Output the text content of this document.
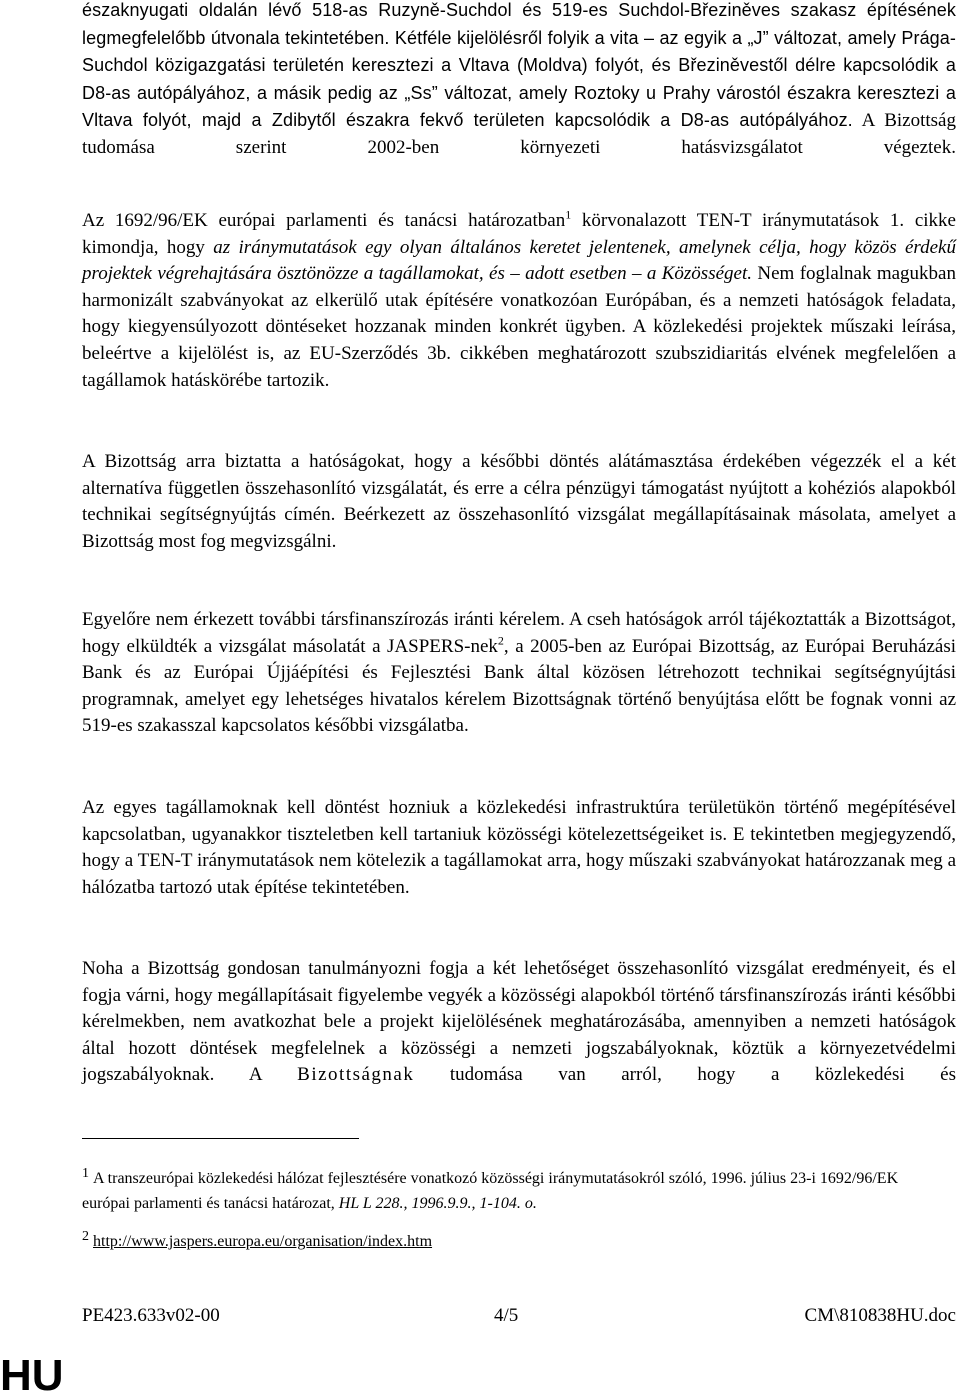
északnyugati oldalán lévő 518-as Ruzyně-Suchdol és 519-es Suchdol-Březiněves szakasz építésének legmegfelelőbb útvonala tekintetében. Kétféle kijelölésről folyik a vita – az egyik a „J” változat, amely Prága-Suchdol közigazgatási területén keresztezi a Vltava (Moldva) folyót, és Březiněvestől délre kapcsolódik a D8-as autópályához, a másik pedig az „Ss” változat, amely Roztoky u Prahy várostól északra keresztezi a Vltava folyót, majd a Zdibytől északra fekvő területen kapcsolódik a D8-as autópályához. A Bizottság tudomása szerint 2002-ben környezeti hatásvizsgálatot végeztek.

Az 1692/96/EK európai parlamenti és tanácsi határozatban$^1$ körvonalazott TEN-T iránymutatások 1. cikke kimondja, hogy az iránymutatások egy olyan általános keretet jelentenek, amelynek célja, hogy közös érdekű projektek végrehajtására ösztönözze a tagállamokat, és – adott esetben – a Közösséget. Nem foglalnak magukban harmonizált szabványokat az elkerülő utak építésére vonatkozóan Európában, és a nemzeti hatóságok feladata, hogy kiegyensúlyozott döntéseket hozzanak minden konkrét ügyben. A közlekedési projektek műszaki leírása, beleértve a kijelölést is, az EU-Szerződés 3b. cikkében meghatározott szubszidiaritás elvének megfelelően a tagállamok hatáskörébe tartozik.

A Bizottság arra biztatta a hatóságokat, hogy a későbbi döntés alátámasztása érdekében végezzék el a két alternatíva független összehasonlító vizsgálatát, és erre a célra pénzügyi támogatást nyújtott a kohéziós alapokból technikai segítségnyújtás címén. Beérkezett az összehasonlító vizsgálat megállapításainak másolata, amelyet a Bizottság most fog megvizsgálni.

Egyelőre nem érkezett további társfinanszírozás iránti kérelem. A cseh hatóságok arról tájékoztatták a Bizottságot, hogy elküldték a vizsgálat másolatát a JASPERS-nek$^2$, a 2005-ben az Európai Bizottság, az Európai Beruházási Bank és az Európai Újjáépítési és Fejlesztési Bank által közösen létrehozott technikai segítségnyújtási programnak, amelyet egy lehetséges hivatalos kérelem Bizottságnak történő benyújtása előtt be fognak vonni az 519-es szakasszal kapcsolatos későbbi vizsgálatba.

Az egyes tagállamoknak kell döntést hozniuk a közlekedési infrastruktúra területükön történő megépítésével kapcsolatban, ugyanakkor tiszteletben kell tartaniuk közösségi kötelezettségeiket is. E tekintetben megjegyzendő, hogy a TEN-T iránymutatások nem kötelezik a tagállamokat arra, hogy műszaki szabványokat határozzanak meg a hálózatba tartozó utak építése tekintetében.

Noha a Bizottság gondosan tanulmányozni fogja a két lehetőséget összehasonlító vizsgálat eredményeit, és el fogja várni, hogy megállapításait figyelembe vegyék a közösségi alapokból történő társfinanszírozás iránti későbbi kérelmekben, nem avatkozhat bele a projekt kijelölésének meghatározásába, amennyiben a nemzeti hatóságok által hozott döntések megfelelnek a közösségi a nemzeti jogszabályoknak, köztük a környezetvédelmi jogszabályoknak. A Bizottságnak tudomása van arról, hogy a közlekedési és

1 A transzeurópai közlekedési hálózat fejlesztésére vonatkozó közösségi iránymutatásokról szóló, 1996. július 23-i 1692/96/EK európai parlamenti és tanácsi határozat, HL L 228., 1996.9.9., 1-104. o.
2 http://www.jaspers.europa.eu/organisation/index.htm
PE423.633v02-00	4/5	CM\810838HU.doc
HU
